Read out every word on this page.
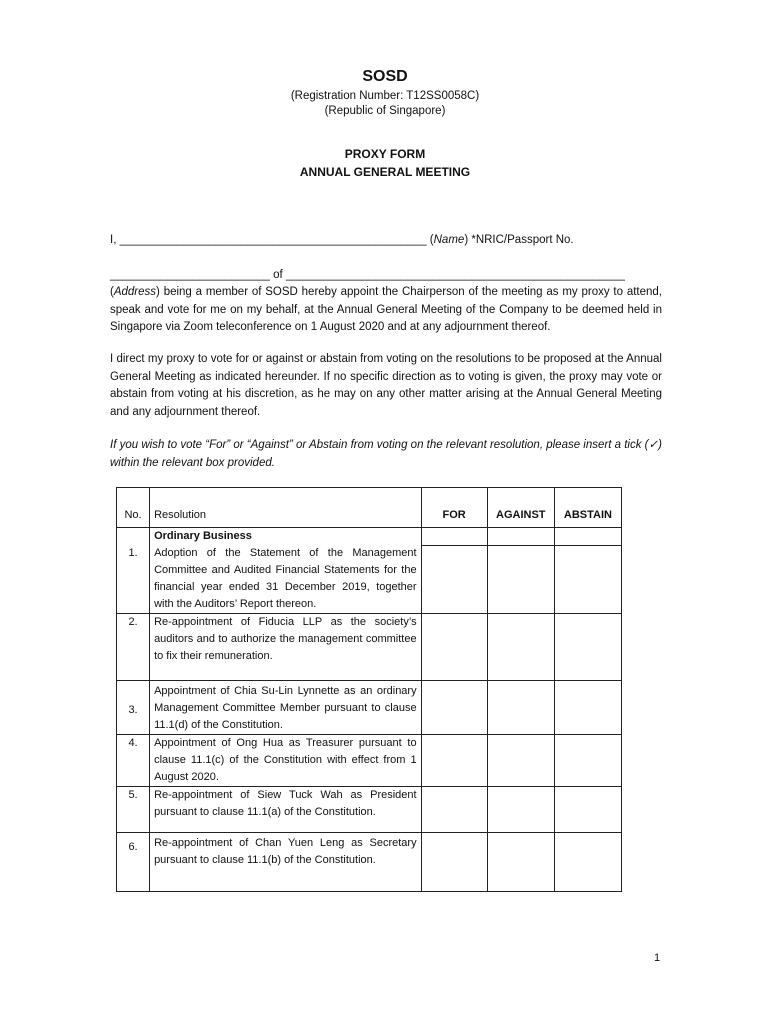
SOSD
(Registration Number: T12SS0058C)
(Republic of Singapore)
PROXY FORM
ANNUAL GENERAL MEETING
I, ________________________________________________ (Name) *NRIC/Passport No.
_________________________ of _____________________________________________________
(Address) being a member of SOSD hereby appoint the Chairperson of the meeting as my proxy to attend, speak and vote for me on my behalf, at the Annual General Meeting of the Company to be deemed held in Singapore via Zoom teleconference on 1 August 2020 and at any adjournment thereof.
I direct my proxy to vote for or against or abstain from voting on the resolutions to be proposed at the Annual General Meeting as indicated hereunder. If no specific direction as to voting is given, the proxy may vote or abstain from voting at his discretion, as he may on any other matter arising at the Annual General Meeting and any adjournment thereof.
If you wish to vote “For” or “Against” or Abstain from voting on the relevant resolution, please insert a tick (✓) within the relevant box provided.
No.	Resolution	FOR	AGAINST	ABSTAIN
	Ordinary Business			
1.	Adoption of the Statement of the Management Committee and Audited Financial Statements for the financial year ended 31 December 2019, together with the Auditors’ Report thereon.			
2.	Re-appointment of Fiducia LLP as the society’s auditors and to authorize the management committee to fix their remuneration.			
3.	Appointment of Chia Su-Lin Lynnette as an ordinary Management Committee Member pursuant to clause 11.1(d) of the Constitution.			
4.	Appointment of Ong Hua as Treasurer pursuant to clause 11.1(c) of the Constitution with effect from 1 August 2020.			
5.	Re-appointment of Siew Tuck Wah as President pursuant to clause 11.1(a) of the Constitution.			
6.	Re-appointment of Chan Yuen Leng as Secretary pursuant to clause 11.1(b) of the Constitution.			
1
